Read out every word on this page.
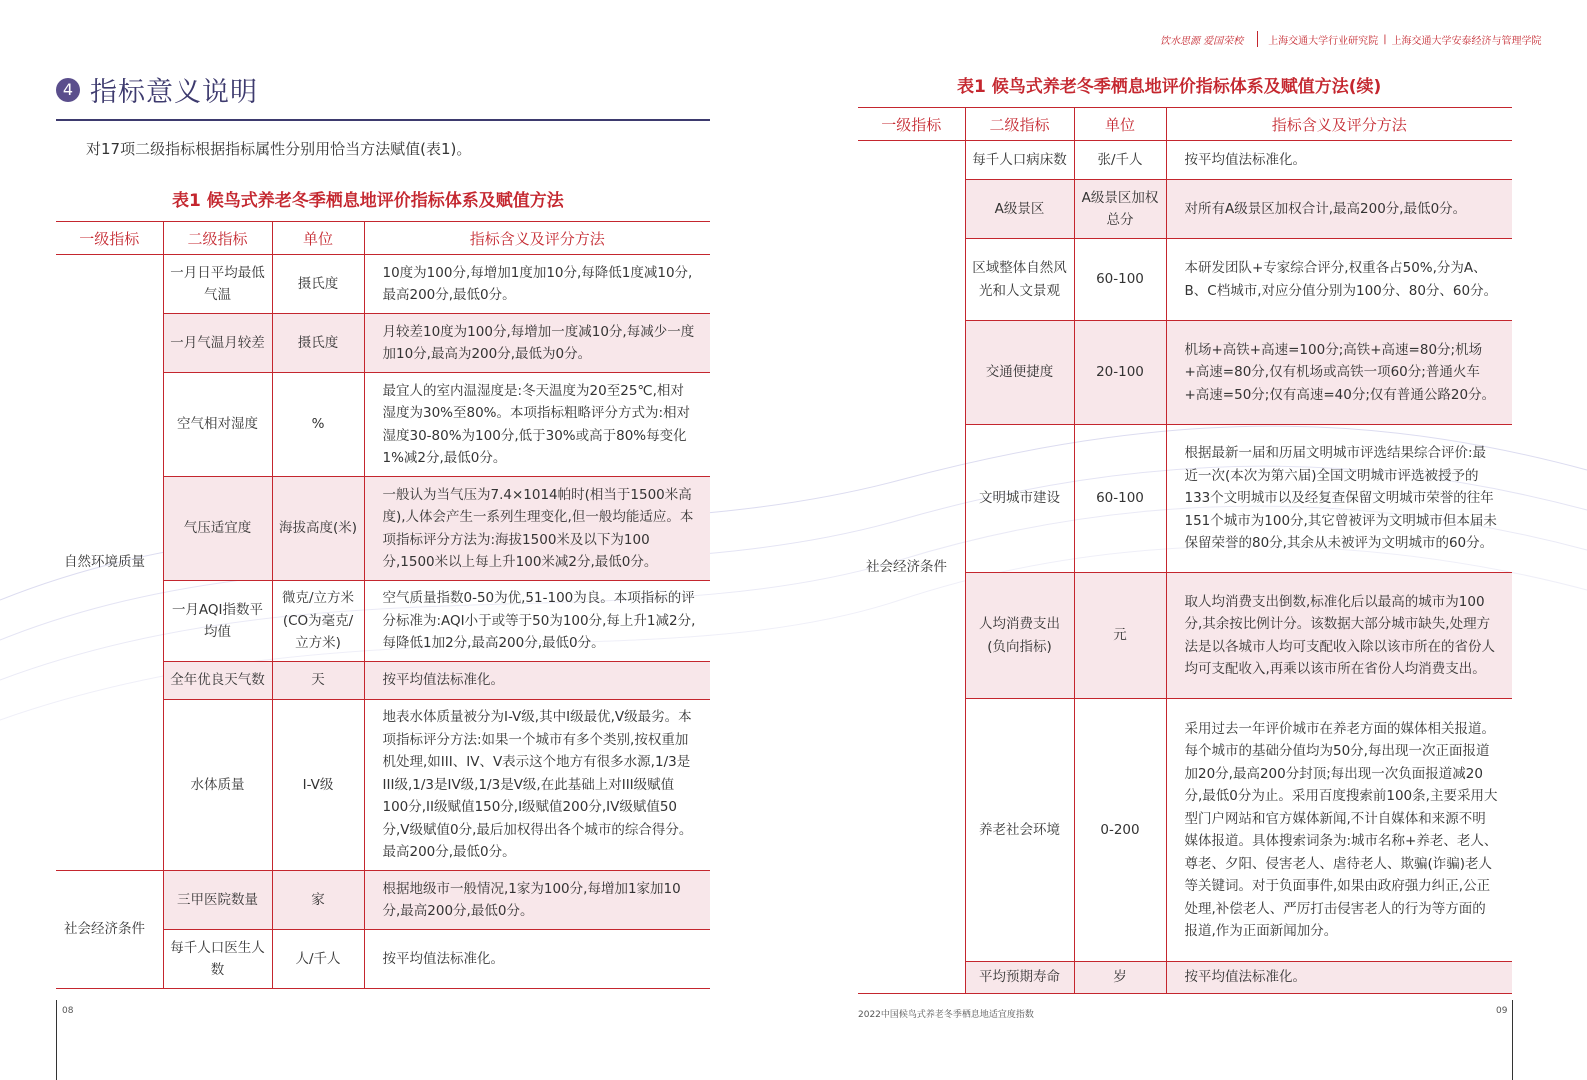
4 指标意义说明
对17项二级指标根据指标属性分别用恰当方法赋值(表1)。
表1 候鸟式养老冬季栖息地评价指标体系及赋值方法
一级指标	二级指标	单位	指标含义及评分方法
自然环境质量	一月日平均最低气温	摄氏度	10度为100分,每增加1度加10分,每降低1度减10分,最高200分,最低0分。
	一月气温月较差	摄氏度	月较差10度为100分,每增加一度减10分,每减少一度加10分,最高为200分,最低为0分。
	空气相对湿度	%	最宜人的室内温湿度是:冬天温度为20至25℃,相对湿度为30%至80%。本项指标粗略评分方式为:相对湿度30-80%为100分,低于30%或高于80%每变化1%减2分,最低0分。
	气压适宜度	海拔高度(米)	一般认为当气压为7.4×1014帕时(相当于1500米高度),人体会产生一系列生理变化,但一般均能适应。本项指标评分方法为:海拔1500米及以下为100分,1500米以上每上升100米减2分,最低0分。
	一月AQI指数平均值	微克/立方米(CO为毫克/立方米)	空气质量指数0-50为优,51-100为良。本项指标的评分标准为:AQI小于或等于50为100分,每上升1减2分,每降低1加2分,最高200分,最低0分。
	全年优良天气数	天	按平均值法标准化。
	水体质量	I-V级	地表水体质量被分为I-V级,其中I级最优,V级最劣。本项指标评分方法:如果一个城市有多个类别,按权重加机处理,如III、IV、V表示这个地方有很多水源,1/3是III级,1/3是IV级,1/3是V级,在此基础上对III级赋值100分,II级赋值150分,I级赋值200分,IV级赋值50分,V级赋值0分,最后加权得出各个城市的综合得分。最高200分,最低0分。
社会经济条件	三甲医院数量	家	根据地级市一般情况,1家为100分,每增加1家加10分,最高200分,最低0分。
	每千人口医生人数	人/千人	按平均值法标准化。
08
饮水思源 爱国荣校	上海交通大学行业研究院 | 上海交通大学安泰经济与管理学院
表1 候鸟式养老冬季栖息地评价指标体系及赋值方法(续)
一级指标	二级指标	单位	指标含义及评分方法
社会经济条件	每千人口病床数	张/千人	按平均值法标准化。
	A级景区	A级景区加权总分	对所有A级景区加权合计,最高200分,最低0分。
	区域整体自然风光和人文景观	60-100	本研发团队+专家综合评分,权重各占50%,分为A、B、C档城市,对应分值分别为100分、80分、60分。
	交通便捷度	20-100	机场+高铁+高速=100分;高铁+高速=80分;机场+高速=80分,仅有机场或高铁一项60分;普通火车+高速=50分;仅有高速=40分;仅有普通公路20分。
	文明城市建设	60-100	根据最新一届和历届文明城市评选结果综合评价:最近一次(本次为第六届)全国文明城市评选被授予的133个文明城市以及经复查保留文明城市荣誉的往年151个城市为100分,其它曾被评为文明城市但本届未保留荣誉的80分,其余从未被评为文明城市的60分。
	人均消费支出(负向指标)	元	取人均消费支出倒数,标准化后以最高的城市为100分,其余按比例计分。该数据大部分城市缺失,处理方法是以各城市人均可支配收入除以该市所在的省份人均可支配收入,再乘以该市所在省份人均消费支出。
	养老社会环境	0-200	采用过去一年评价城市在养老方面的媒体相关报道。每个城市的基础分值均为50分,每出现一次正面报道加20分,最高200分封顶;每出现一次负面报道减20分,最低0分为止。采用百度搜索前100条,主要采用大型门户网站和官方媒体新闻,不计自媒体和来源不明媒体报道。具体搜索词条为:城市名称+养老、老人、尊老、夕阳、侵害老人、虐待老人、欺骗(诈骗)老人等关键词。对于负面事件,如果由政府强力纠正,公正处理,补偿老人、严厉打击侵害老人的行为等方面的报道,作为正面新闻加分。
	平均预期寿命	岁	按平均值法标准化。
2022中国候鸟式养老冬季栖息地适宜度指数	09
